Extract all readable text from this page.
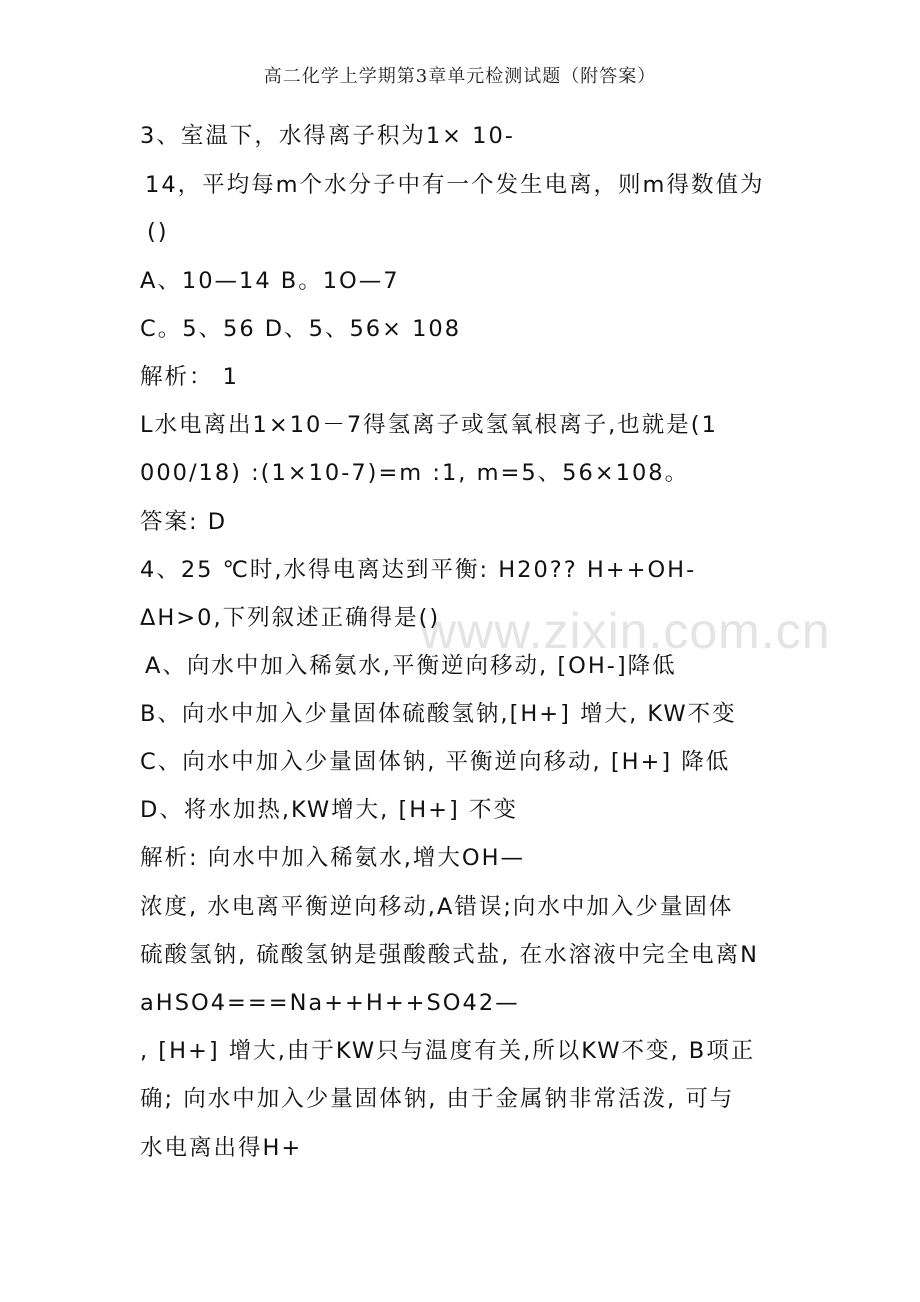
高二化学上学期第3章单元检测试题（附答案）
www.zixin.com.cn
3、室温下，水得离子积为1× 10-
14，平均每m个水分子中有一个发生电离，则m得数值为
()
A、10—14 B。1O—7
C。5、56 D、5、56× 108
解析： 1
L水电离出1×10－7得氢离子或氢氧根离子,也就是(1
000/18) :(1×10-7)=m :1, m=5、56×108。
答案: D
4、25 ℃时,水得电离达到平衡: H20?? H++OH-
ΔH>0,下列叙述正确得是()
A、向水中加入稀氨水,平衡逆向移动, [OH-]降低
B、向水中加入少量固体硫酸氢钠,[H+] 增大, KW不变
C、向水中加入少量固体钠, 平衡逆向移动, [H+] 降低
D、将水加热,KW增大, [H+] 不变
解析: 向水中加入稀氨水,增大OH—
浓度, 水电离平衡逆向移动,A错误;向水中加入少量固体
硫酸氢钠, 硫酸氢钠是强酸酸式盐, 在水溶液中完全电离N
aHSO4===Na++H++SO42—
, [H+] 增大,由于KW只与温度有关,所以KW不变, B项正
确; 向水中加入少量固体钠, 由于金属钠非常活泼, 可与
水电离出得H+
